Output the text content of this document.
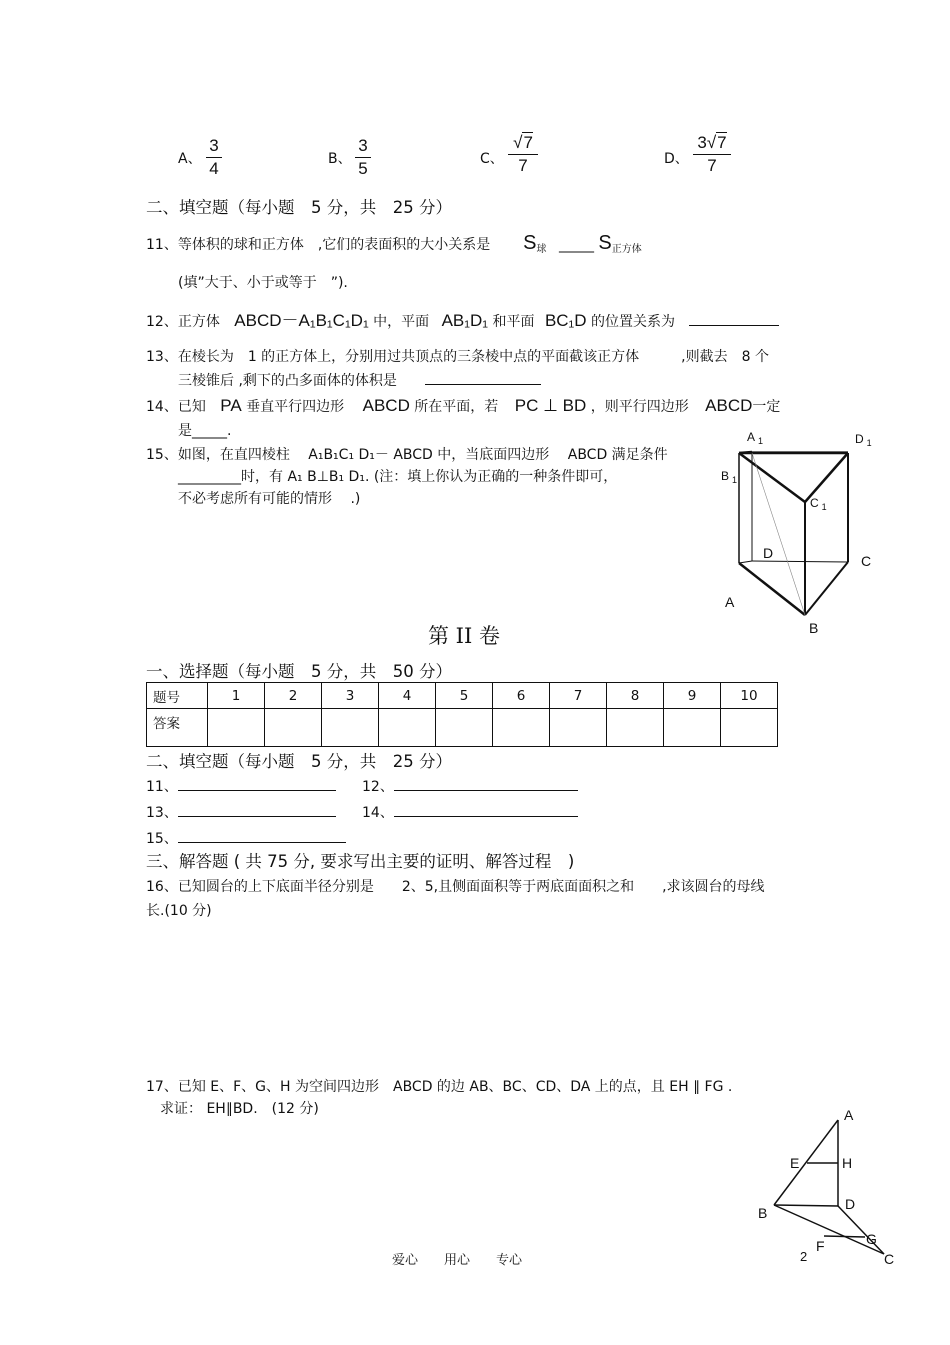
A、 $\frac{3}{4}$	B、 $\frac{3}{5}$	C、 $\frac{√7}{7}$	D、 $\frac{3√7}{7}$
二、填空题（每小题　5 分，共　25 分）
11、等体积的球和正方体　,它们的表面积的大小关系是 $S_球$ _____ $S_{正方体}$
(填”大于、小于或等于　”).
12、正方体 ABCD－A₁B₁C₁D₁ 中，平面 AB₁D₁ 和平面 BC₁D 的位置关系为
13、在棱长为　1 的正方体上，分别用过共顶点的三条棱中点的平面截该正方体　　　,则截去　8 个
三棱锥后 ,剩下的凸多面体的体积是
14、已知 PA 垂直平行四边形 ABCD 所在平面，若 PC ⊥ BD ，则平行四边形 ABCD一定
是_____.
15、如图，在直四棱柱　 A₁B₁C₁ D₁－ ABCD 中，当底面四边形　 ABCD 满足条件
_________时，有 A₁ B⊥B₁ D₁. (注：填上你认为正确的一种条件即可，
不必考虑所有可能的情形　 .)
A $_1$	D $_1$
B $_1$
C $_1$
D	C
A
B
第 II 卷
一、选择题（每小题　5 分，共　50 分）
题号	1	2	3	4	5	6	7	8	9	10
答案										
二、填空题（每小题　5 分，共　25 分）
11、	12、
13、	14、
15、
三、解答题 ( 共 75 分, 要求写出主要的证明、解答过程　)
16、已知圆台的上下底面半径分别是　　2、5,且侧面面积等于两底面面积之和　　,求该圆台的母线
长.(10 分)
17、已知 E、F、G、H 为空间四边形　ABCD 的边 AB、BC、CD、DA 上的点，且 EH ∥ FG .
求证： EH∥BD.　(12 分)	A
E	H
D
B
G
F
C
爱心　　用心　　专心	2
